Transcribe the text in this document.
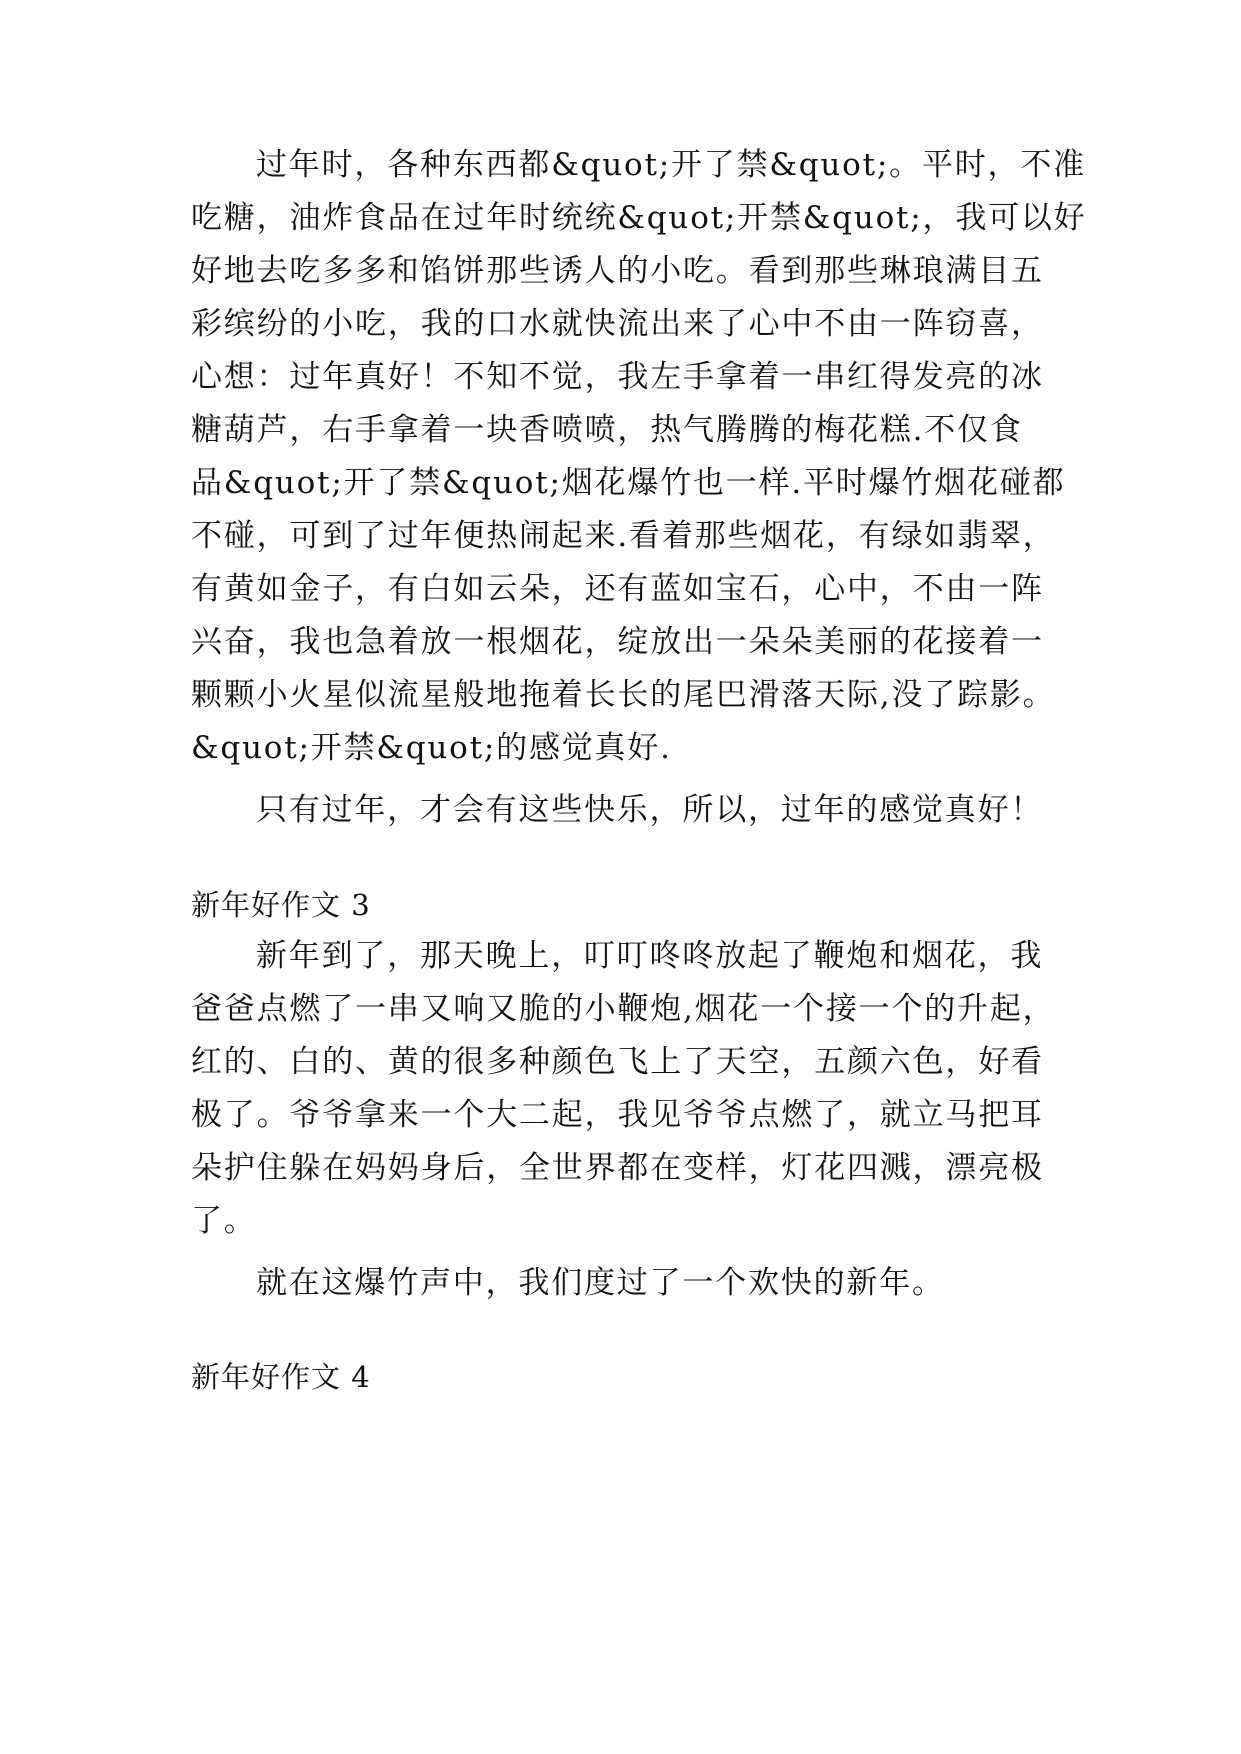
过年时，各种东西都&quot;开了禁&quot;。平时，不准
吃糖，油炸食品在过年时统统&quot;开禁&quot;，我可以好
好地去吃多多和馅饼那些诱人的小吃。看到那些琳琅满目五
彩缤纷的小吃，我的口水就快流出来了心中不由一阵窃喜，
心想：过年真好！不知不觉，我左手拿着一串红得发亮的冰
糖葫芦，右手拿着一块香喷喷，热气腾腾的梅花糕.不仅食
品&quot;开了禁&quot;烟花爆竹也一样.平时爆竹烟花碰都
不碰，可到了过年便热闹起来.看着那些烟花，有绿如翡翠，
有黄如金子，有白如云朵，还有蓝如宝石，心中，不由一阵
兴奋，我也急着放一根烟花，绽放出一朵朵美丽的花接着一
颗颗小火星似流星般地拖着长长的尾巴滑落天际,没了踪影。
&quot;开禁&quot;的感觉真好.
只有过年，才会有这些快乐，所以，过年的感觉真好！
新年好作文 3
新年到了，那天晚上，叮叮咚咚放起了鞭炮和烟花，我
爸爸点燃了一串又响又脆的小鞭炮,烟花一个接一个的升起，
红的、白的、黄的很多种颜色飞上了天空，五颜六色，好看
极了。爷爷拿来一个大二起，我见爷爷点燃了，就立马把耳
朵护住躲在妈妈身后，全世界都在变样，灯花四溅，漂亮极
了。
就在这爆竹声中，我们度过了一个欢快的新年。
新年好作文 4
